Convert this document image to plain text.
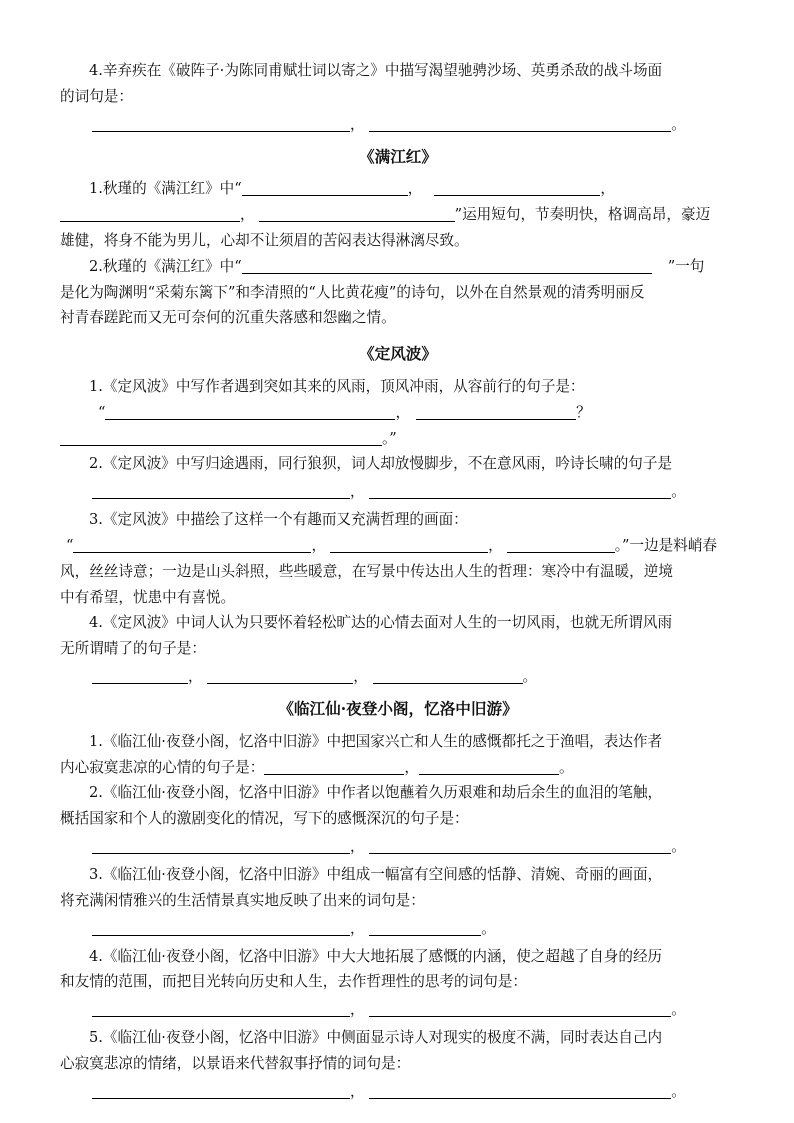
4.辛弃疾在《破阵子·为陈同甫赋壮词以寄之》中描写渴望驰骋沙场、英勇杀敌的战斗场面
的词句是：
，	。
《满江红》
1.秋瑾的《满江红》中“	，	，
，	”运用短句，节奏明快，格调高昂，豪迈
雄健，将身不能为男儿，心却不让须眉的苦闷表达得淋漓尽致。
2.秋瑾的《满江红》中“	”一句
是化为陶渊明“采菊东篱下”和李清照的“人比黄花瘦”的诗句，以外在自然景观的清秀明丽反
衬青春蹉跎而又无可奈何的沉重失落感和怨幽之情。
《定风波》
1.《定风波》中写作者遇到突如其来的风雨，顶风冲雨，从容前行的句子是：
“	，	？
。”
2.《定风波》中写归途遇雨，同行狼狈，词人却放慢脚步，不在意风雨，吟诗长啸的句子是
，	。
3.《定风波》中描绘了这样一个有趣而又充满哲理的画面：
“	，	，	。”一边是料峭春
风，丝丝诗意；一边是山头斜照，些些暖意，在写景中传达出人生的哲理：寒冷中有温暖，逆境
中有希望，忧患中有喜悦。
4.《定风波》中词人认为只要怀着轻松旷达的心情去面对人生的一切风雨，也就无所谓风雨
无所谓晴了的句子是：
，	，	。
《临江仙·夜登小阁，忆洛中旧游》
1.《临江仙·夜登小阁，忆洛中旧游》中把国家兴亡和人生的感慨都托之于渔唱，表达作者
内心寂寞悲凉的心情的句子是：	，	。
2.《临江仙·夜登小阁，忆洛中旧游》中作者以饱蘸着久历艰难和劫后余生的血泪的笔触，
概括国家和个人的激剧变化的情况，写下的感慨深沉的句子是：
，	。
3.《临江仙·夜登小阁，忆洛中旧游》中组成一幅富有空间感的恬静、清婉、奇丽的画面，
将充满闲情雅兴的生活情景真实地反映了出来的词句是：
，	。
4.《临江仙·夜登小阁，忆洛中旧游》中大大地拓展了感慨的内涵，使之超越了自身的经历
和友情的范围，而把目光转向历史和人生，去作哲理性的思考的词句是：
，	。
5.《临江仙·夜登小阁，忆洛中旧游》中侧面显示诗人对现实的极度不满，同时表达自己内
心寂寞悲凉的情绪，以景语来代替叙事抒情的词句是：
，	。
